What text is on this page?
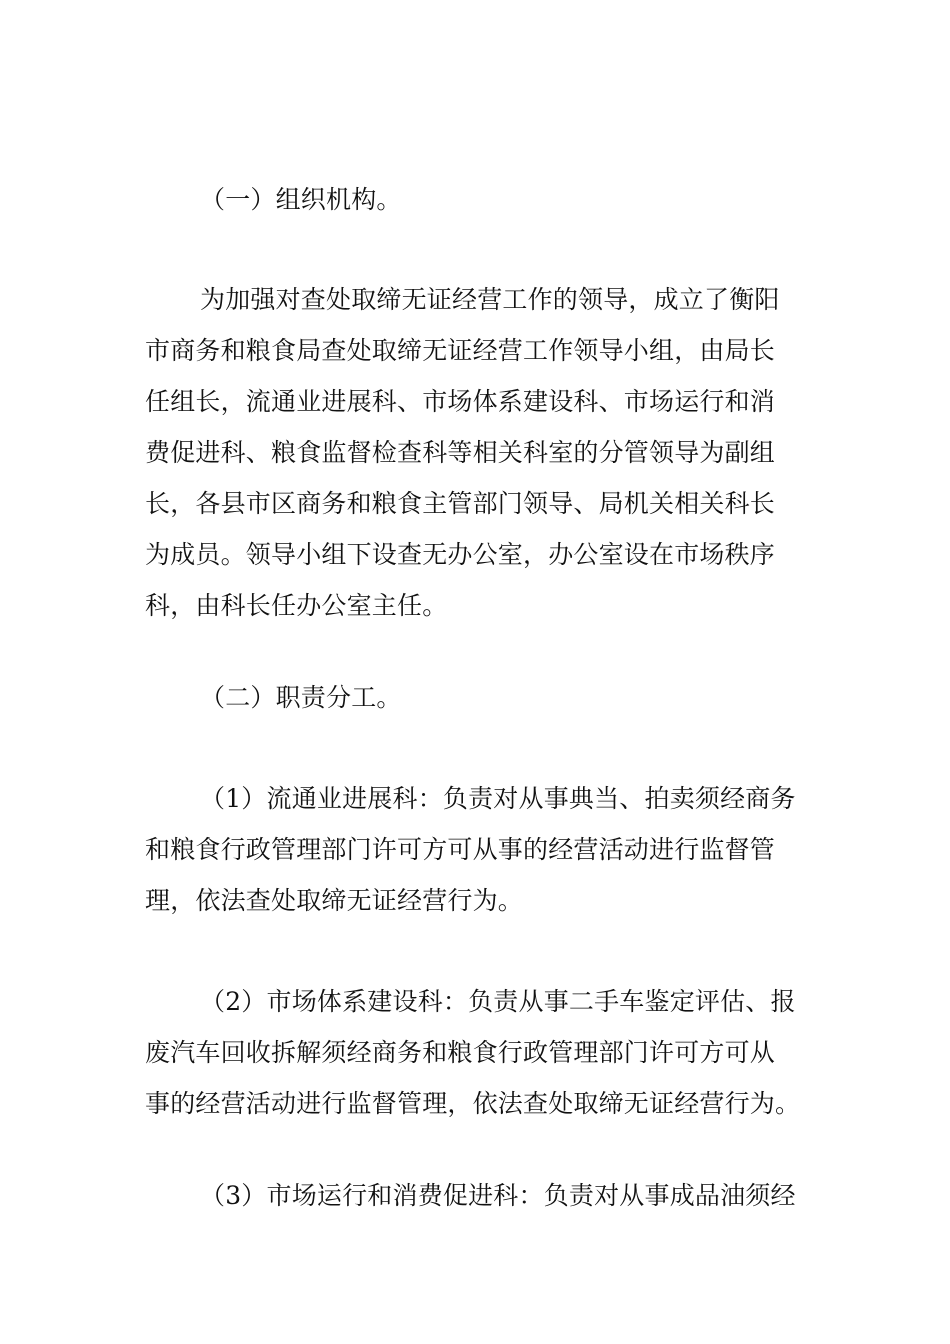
（一）组织机构。
为加强对查处取缔无证经营工作的领导，成立了衡阳
市商务和粮食局查处取缔无证经营工作领导小组，由局长
任组长，流通业进展科、市场体系建设科、市场运行和消
费促进科、粮食监督检查科等相关科室的分管领导为副组
长，各县市区商务和粮食主管部门领导、局机关相关科长
为成员。领导小组下设查无办公室，办公室设在市场秩序
科，由科长任办公室主任。
（二）职责分工。
（1）流通业进展科：负责对从事典当、拍卖须经商务
和粮食行政管理部门许可方可从事的经营活动进行监督管
理，依法查处取缔无证经营行为。
（2）市场体系建设科：负责从事二手车鉴定评估、报
废汽车回收拆解须经商务和粮食行政管理部门许可方可从
事的经营活动进行监督管理，依法查处取缔无证经营行为。
（3）市场运行和消费促进科：负责对从事成品油须经
